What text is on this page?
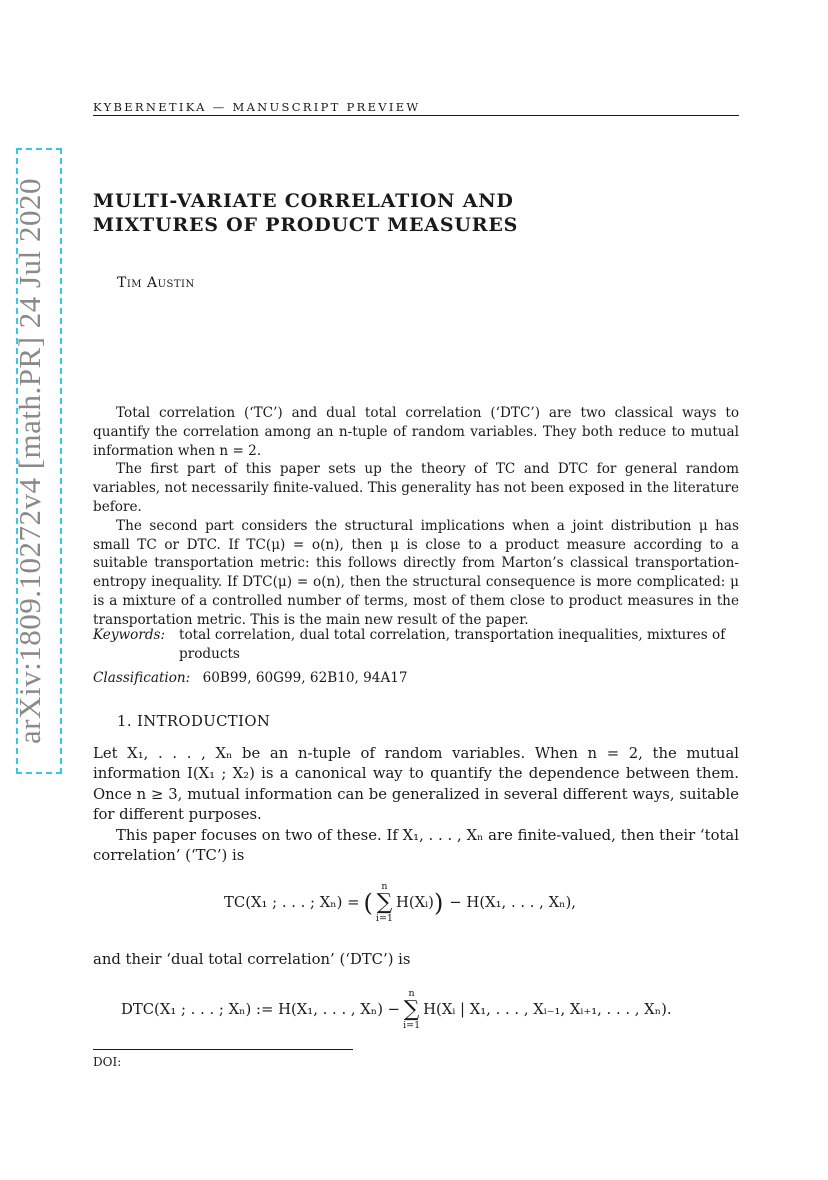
KYBERNETIKA — MANUSCRIPT PREVIEW
arXiv:1809.10272v4 [math.PR] 24 Jul 2020 MULTI-VARIATE CORRELATION AND
MIXTURES OF PRODUCT MEASURES
Tim Austin

Total correlation (‘TC’) and dual total correlation (‘DTC’) are two classical ways to quantify the correlation among an n-tuple of random variables. They both reduce to mutual information when n = 2.

The first part of this paper sets up the theory of TC and DTC for general random variables, not necessarily finite-valued. This generality has not been exposed in the literature before.

The second part considers the structural implications when a joint distribution μ has small TC or DTC. If TC(μ) = o(n), then μ is close to a product measure according to a suitable transportation metric: this follows directly from Marton’s classical transportation-entropy inequality. If DTC(μ) = o(n), then the structural consequence is more complicated: μ is a mixture of a controlled number of terms, most of them close to product measures in the transportation metric. This is the main new result of the paper.

Keywords:	total correlation, dual total correlation, transportation inequalities, mixtures of products
Classification: 60B99, 60G99, 62B10, 94A17
1. INTRODUCTION

Let X₁, . . . , Xₙ be an n-tuple of random variables. When n = 2, the mutual information I(X₁ ; X₂) is a canonical way to quantify the dependence between them. Once n ≥ 3, mutual information can be generalized in several different ways, suitable for different purposes.

This paper focuses on two of these. If X₁, . . . , Xₙ are finite-valued, then their ‘total correlation’ (‘TC’) is

TC(X₁ ; . . . ; Xₙ) = (
n
∑
i=1
H(Xᵢ) ) − H(X₁, . . . , Xₙ),
and their ‘dual total correlation’ (‘DTC’) is
DTC(X₁ ; . . . ; Xₙ) := H(X₁, . . . , Xₙ) −
n
∑
i=1
H(Xᵢ | X₁, . . . , Xᵢ₋₁, Xᵢ₊₁, . . . , Xₙ).
DOI:
